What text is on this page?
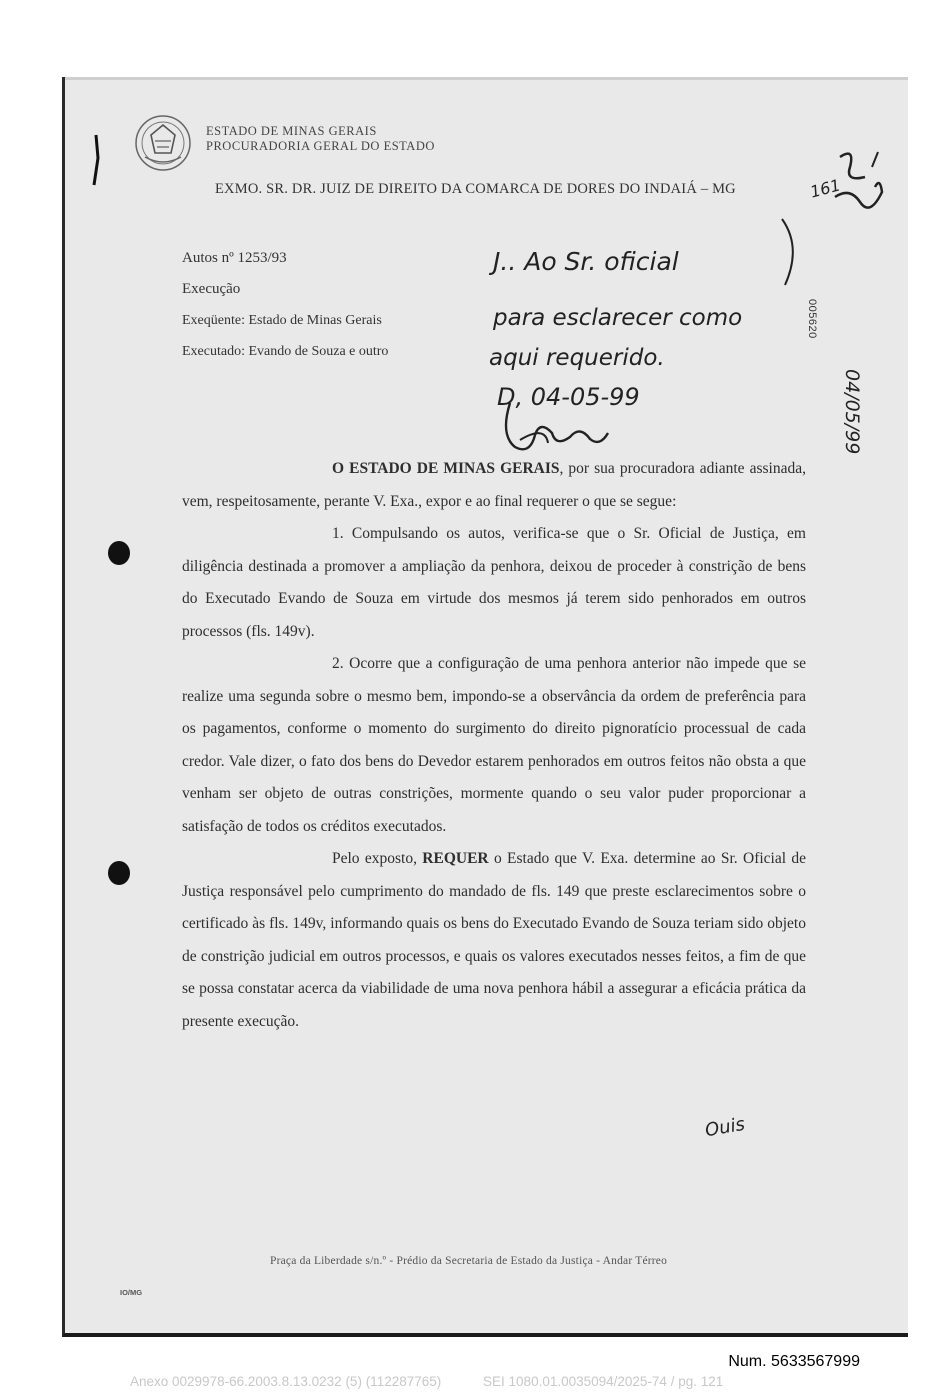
ESTADO DE MINAS GERAIS
PROCURADORIA GERAL DO ESTADO
EXMO. SR. DR. JUIZ DE DIREITO DA COMARCA DE DORES DO INDAIÁ – MG	161
Autos nº 1253/93
Execução
Exeqüente: Estado de Minas Gerais
Executado: Evando de Souza e outro
J.. Ao Sr. oficial
para esclarecer como
aqui requerido.
D, 04-05-99
005620
04/05/99

O ESTADO DE MINAS GERAIS, por sua procuradora adiante assinada, vem, respeitosamente, perante V. Exa., expor e ao final requerer o que se segue:

1. Compulsando os autos, verifica-se que o Sr. Oficial de Justiça, em diligência destinada a promover a ampliação da penhora, deixou de proceder à constrição de bens do Executado Evando de Souza em virtude dos mesmos já terem sido penhorados em outros processos (fls. 149v).

2. Ocorre que a configuração de uma penhora anterior não impede que se realize uma segunda sobre o mesmo bem, impondo-se a observância da ordem de preferência para os pagamentos, conforme o momento do surgimento do direito pignoratício processual de cada credor. Vale dizer, o fato dos bens do Devedor estarem penhorados em outros feitos não obsta a que venham ser objeto de outras constrições, mormente quando o seu valor puder proporcionar a satisfação de todos os créditos executados.

Pelo exposto, REQUER o Estado que V. Exa. determine ao Sr. Oficial de Justiça responsável pelo cumprimento do mandado de fls. 149 que preste esclarecimentos sobre o certificado às fls. 149v, informando quais os bens do Executado Evando de Souza teriam sido objeto de constrição judicial em outros processos, e quais os valores executados nesses feitos, a fim de que se possa constatar acerca da viabilidade de uma nova penhora hábil a assegurar a eficácia prática da presente execução.

Ouis
Praça da Liberdade s/n.º - Prédio da Secretaria de Estado da Justiça - Andar Térreo
IO/MG
Num. 5633567999
Anexo 0029978-66.2003.8.13.0232 (5) (112287765)	SEI 1080.01.0035094/2025-74 / pg. 121
